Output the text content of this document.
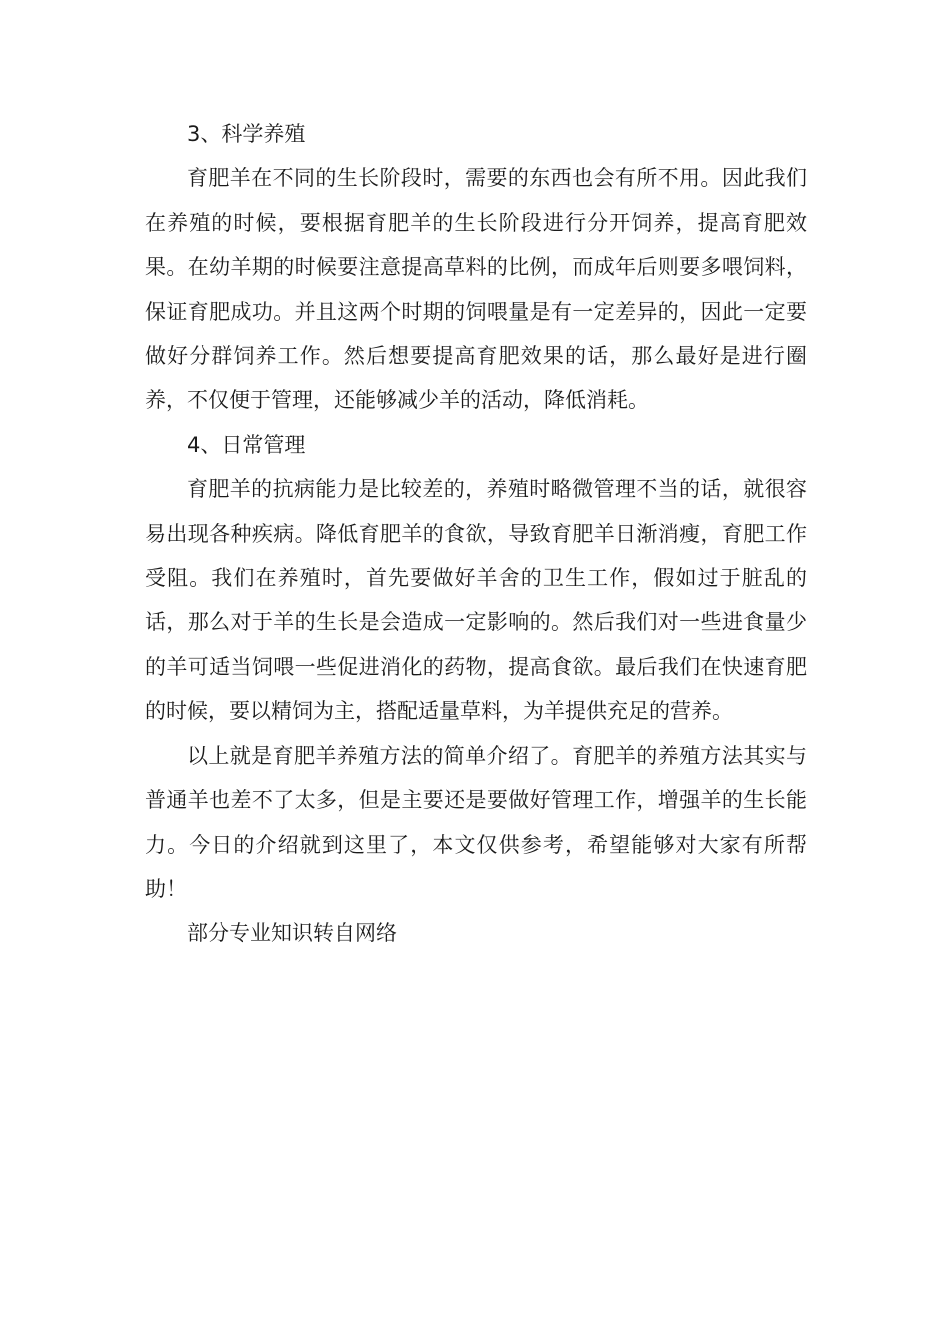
3、科学养殖

育肥羊在不同的生长阶段时，需要的东西也会有所不用。因此我们在养殖的时候，要根据育肥羊的生长阶段进行分开饲养，提高育肥效果。在幼羊期的时候要注意提高草料的比例，而成年后则要多喂饲料，保证育肥成功。并且这两个时期的饲喂量是有一定差异的，因此一定要做好分群饲养工作。然后想要提高育肥效果的话，那么最好是进行圈养，不仅便于管理，还能够减少羊的活动，降低消耗。

4、日常管理

育肥羊的抗病能力是比较差的，养殖时略微管理不当的话，就很容易出现各种疾病。降低育肥羊的食欲，导致育肥羊日渐消瘦，育肥工作受阻。我们在养殖时，首先要做好羊舍的卫生工作，假如过于脏乱的话，那么对于羊的生长是会造成一定影响的。然后我们对一些进食量少的羊可适当饲喂一些促进消化的药物，提高食欲。最后我们在快速育肥的时候，要以精饲为主，搭配适量草料，为羊提供充足的营养。

以上就是育肥羊养殖方法的简单介绍了。育肥羊的养殖方法其实与普通羊也差不了太多，但是主要还是要做好管理工作，增强羊的生长能力。今日的介绍就到这里了，本文仅供参考，希望能够对大家有所帮助！

部分专业知识转自网络
